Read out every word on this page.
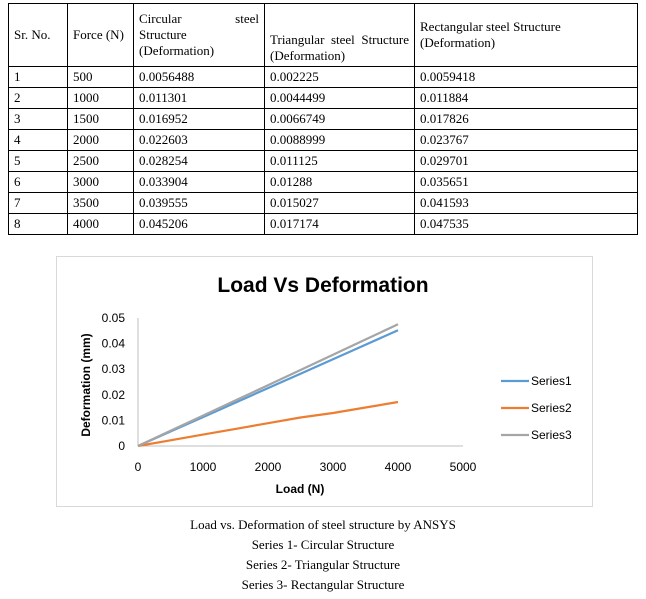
Sr. No.	Force (N)	Circular steel Structure (Deformation)	Triangular steel Structure (Deformation)	Rectangular steel Structure (Deformation)
1	500	0.0056488	0.002225	0.0059418
2	1000	0.011301	0.0044499	0.011884
3	1500	0.016952	0.0066749	0.017826
4	2000	0.022603	0.0088999	0.023767
5	2500	0.028254	0.011125	0.029701
6	3000	0.033904	0.01288	0.035651
7	3500	0.039555	0.015027	0.041593
8	4000	0.045206	0.017174	0.047535
Load Vs Deformation
Load (N)
Deformation (mm)
0	1000	2000	3000	4000	5000
0
0.01
0.02
0.03
0.04
0.05
Series1
Series2
Series3
Load vs. Deformation of steel structure by ANSYS
Series 1- Circular Structure
Series 2- Triangular Structure
Series 3- Rectangular Structure
